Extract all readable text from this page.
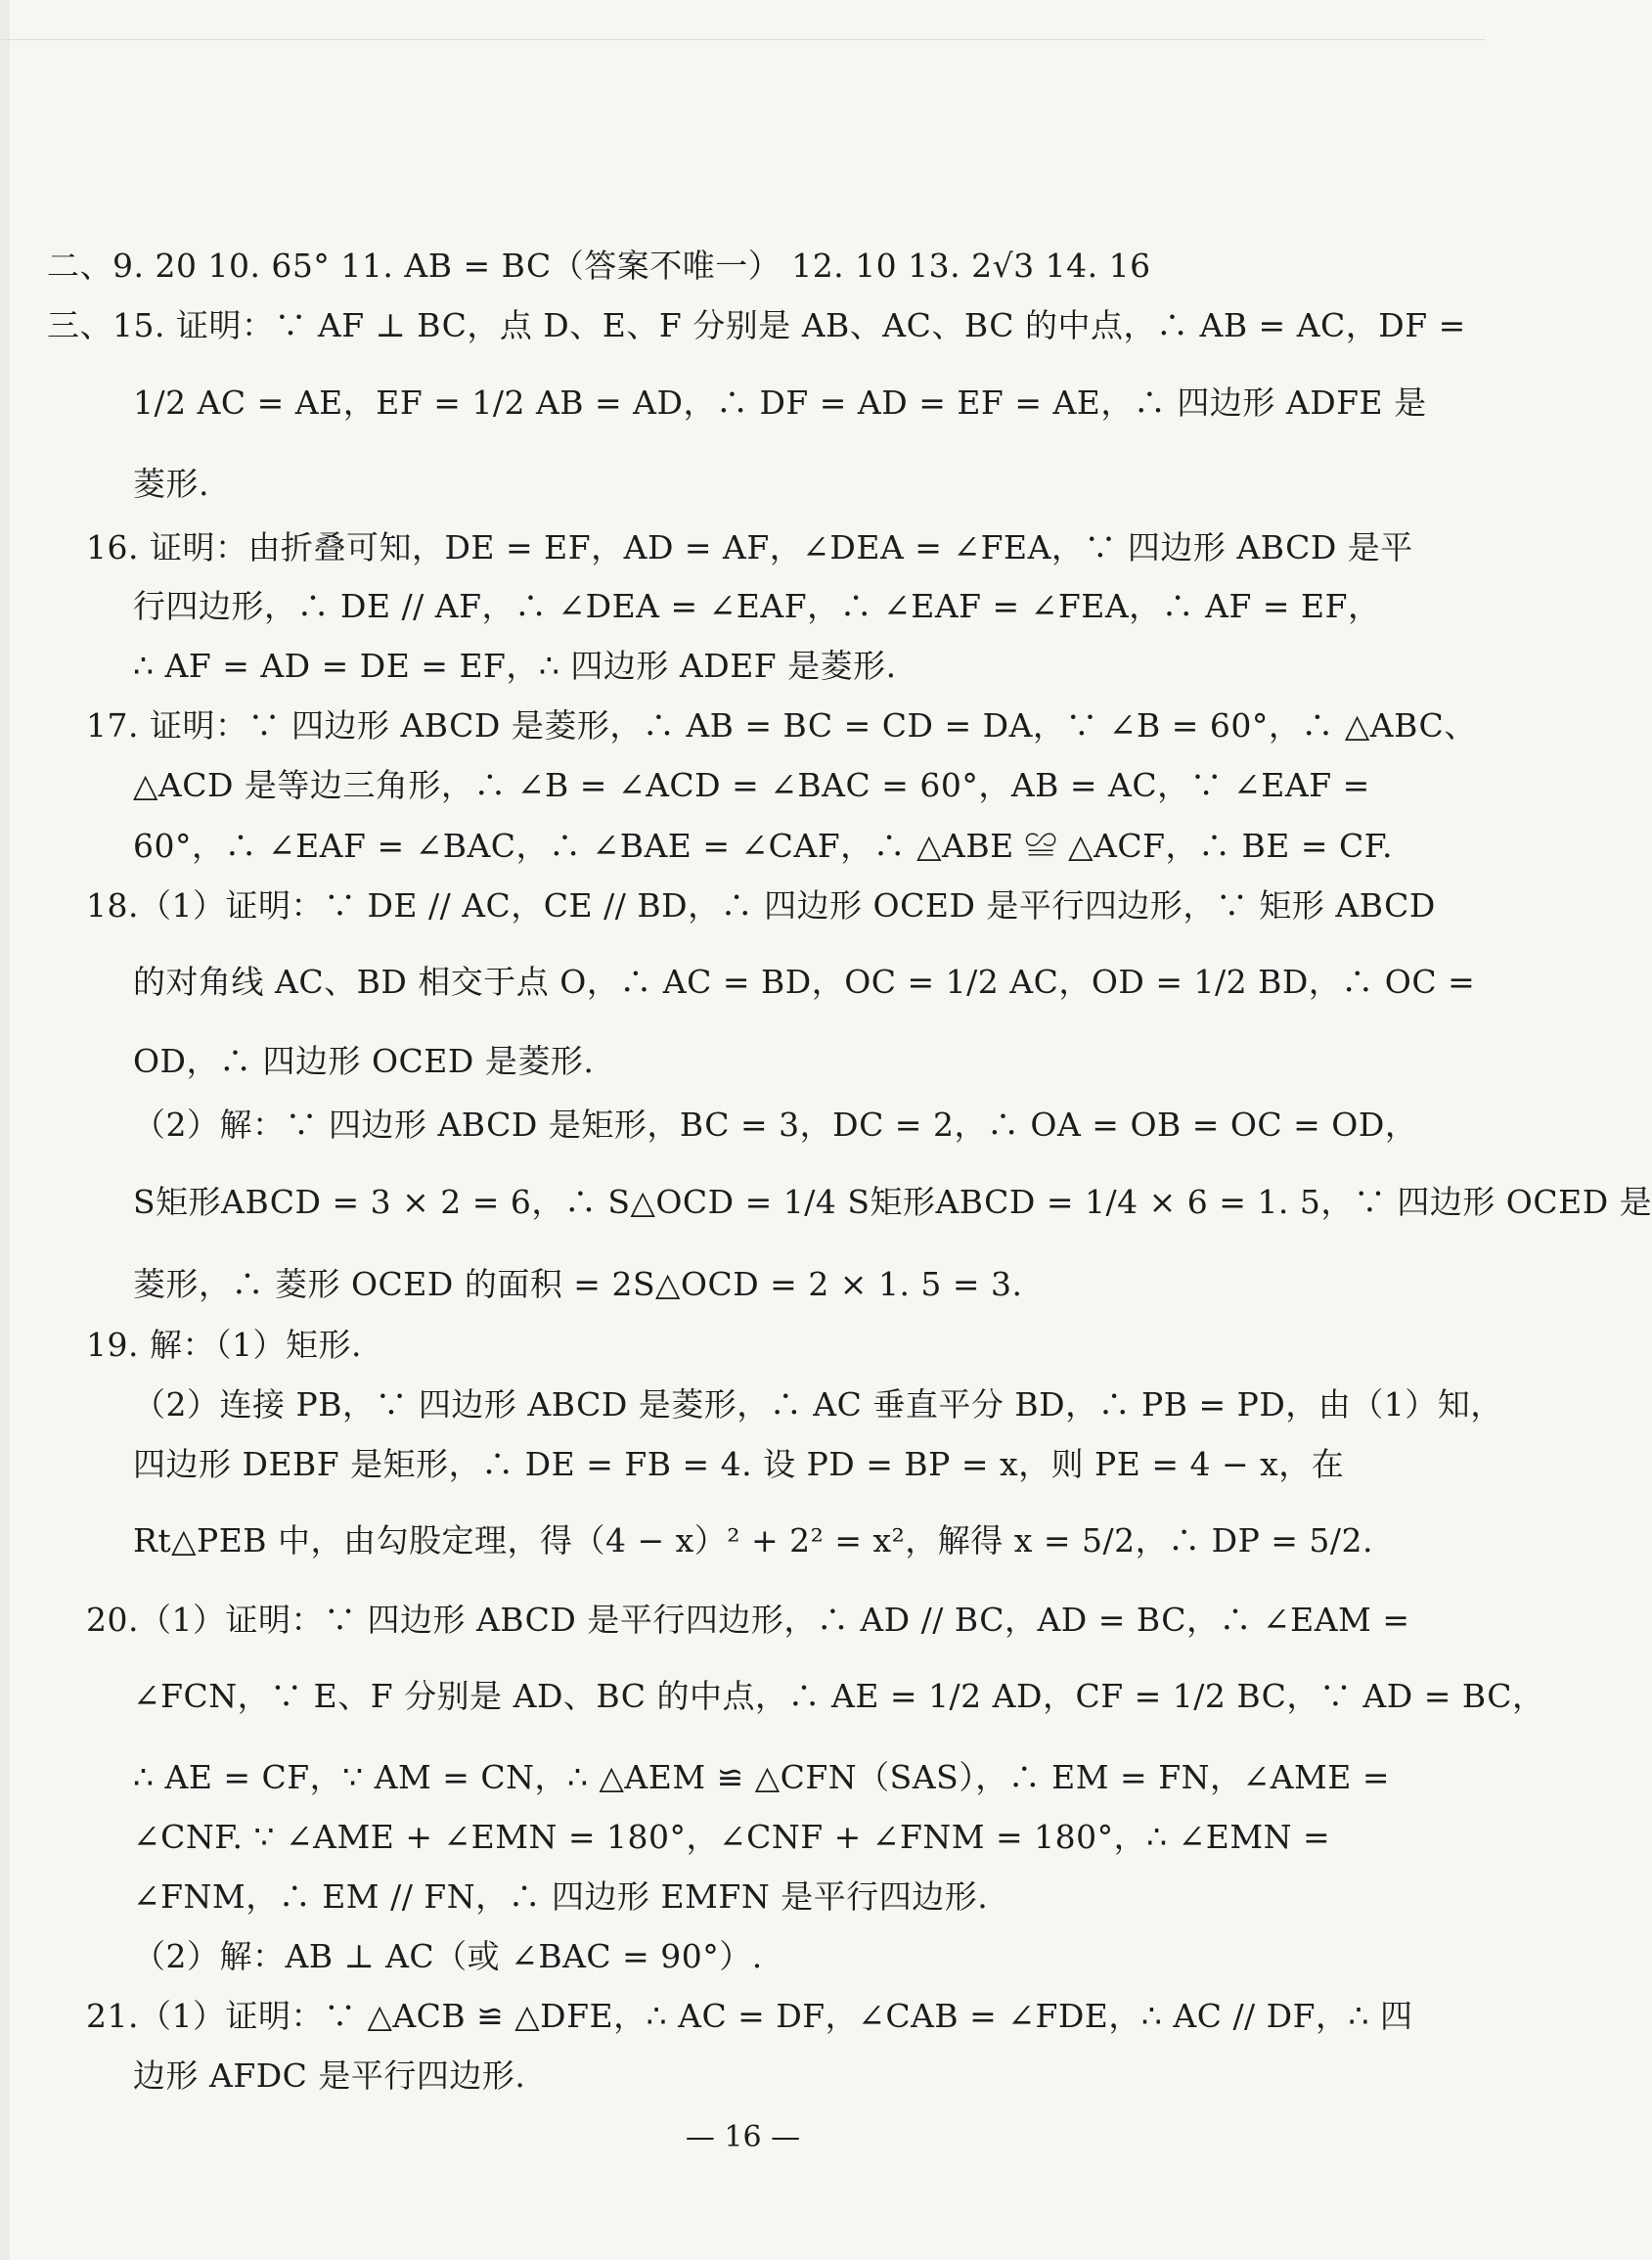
二、9. 20 10. 65° 11. AB = BC（答案不唯一） 12. 10 13. 2√3 14. 16
三、15. 证明：∵ AF ⊥ BC，点 D、E、F 分别是 AB、AC、BC 的中点，∴ AB = AC，DF =
1/2 AC = AE，EF = 1/2 AB = AD，∴ DF = AD = EF = AE，∴ 四边形 ADFE 是
菱形.
16. 证明：由折叠可知，DE = EF，AD = AF，∠DEA = ∠FEA，∵ 四边形 ABCD 是平
行四边形，∴ DE // AF，∴ ∠DEA = ∠EAF，∴ ∠EAF = ∠FEA，∴ AF = EF，
∴ AF = AD = DE = EF，∴ 四边形 ADEF 是菱形.
17. 证明：∵ 四边形 ABCD 是菱形，∴ AB = BC = CD = DA，∵ ∠B = 60°，∴ △ABC、
△ACD 是等边三角形，∴ ∠B = ∠ACD = ∠BAC = 60°，AB = AC，∵ ∠EAF =
60°，∴ ∠EAF = ∠BAC，∴ ∠BAE = ∠CAF，∴ △ABE ≌ △ACF，∴ BE = CF.
18.（1）证明：∵ DE // AC，CE // BD，∴ 四边形 OCED 是平行四边形，∵ 矩形 ABCD
的对角线 AC、BD 相交于点 O，∴ AC = BD，OC = 1/2 AC，OD = 1/2 BD，∴ OC =
OD，∴ 四边形 OCED 是菱形.
（2）解：∵ 四边形 ABCD 是矩形，BC = 3，DC = 2，∴ OA = OB = OC = OD，
S矩形ABCD = 3 × 2 = 6，∴ S△OCD = 1/4 S矩形ABCD = 1/4 × 6 = 1. 5，∵ 四边形 OCED 是
菱形，∴ 菱形 OCED 的面积 = 2S△OCD = 2 × 1. 5 = 3.
19. 解：（1）矩形.
（2）连接 PB，∵ 四边形 ABCD 是菱形，∴ AC 垂直平分 BD，∴ PB = PD，由（1）知，
四边形 DEBF 是矩形，∴ DE = FB = 4. 设 PD = BP = x，则 PE = 4 − x，在
Rt△PEB 中，由勾股定理，得（4 − x）² + 2² = x²，解得 x = 5/2，∴ DP = 5/2.
20.（1）证明：∵ 四边形 ABCD 是平行四边形，∴ AD // BC，AD = BC，∴ ∠EAM =
∠FCN，∵ E、F 分别是 AD、BC 的中点，∴ AE = 1/2 AD，CF = 1/2 BC，∵ AD = BC，
∴ AE = CF，∵ AM = CN，∴ △AEM ≌ △CFN（SAS），∴ EM = FN，∠AME =
∠CNF. ∵ ∠AME + ∠EMN = 180°，∠CNF + ∠FNM = 180°，∴ ∠EMN =
∠FNM，∴ EM // FN，∴ 四边形 EMFN 是平行四边形.
（2）解：AB ⊥ AC（或 ∠BAC = 90°）.
21.（1）证明：∵ △ACB ≌ △DFE，∴ AC = DF，∠CAB = ∠FDE，∴ AC // DF，∴ 四
边形 AFDC 是平行四边形.
— 16 —
